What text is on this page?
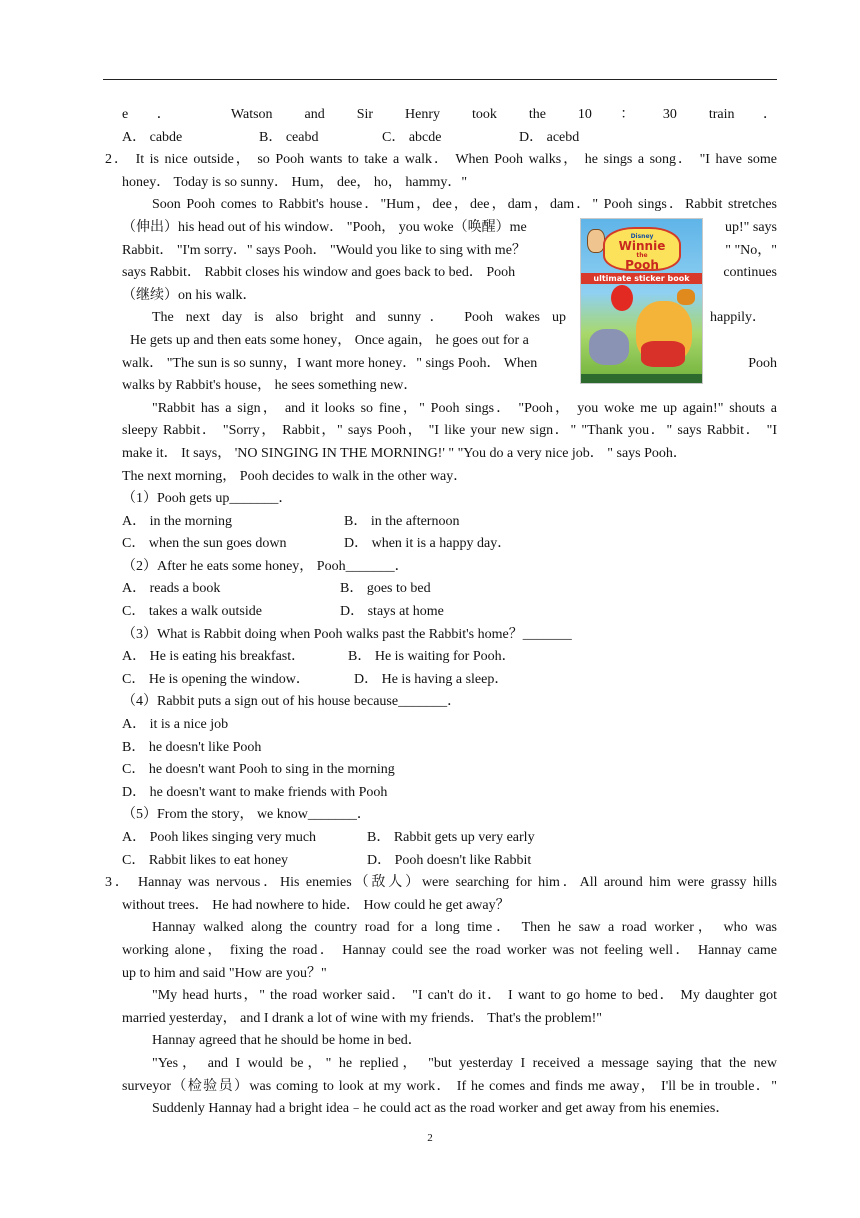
e． Watson and Sir Henry took the 10：30 train．
A． cabde	B． ceabd	C． abcde	D． acebd
2． It is nice outside， so Pooh wants to take a walk． When Pooh walks， he sings a song． "I have some
honey． Today is so sunny． Hum， dee， ho， hammy．"
Soon Pooh comes to Rabbit's house．"Hum，dee，dee，dam，dam．" Pooh sings．Rabbit stretches
（伸出）his head out of his window． "Pooh， you woke（唤醒）me	up!" says
Rabbit． "I'm sorry．" says Pooh． "Would you like to sing with me？	" "No，"
says Rabbit． Rabbit closes his window and goes back to bed． Pooh	continues
（继续）on his walk．
The next day is also bright and sunny． Pooh wakes up	happily．
He gets up and then eats some honey， Once again， he goes out for a
walk． "The sun is so sunny，I want more honey．" sings Pooh． When	Pooh
walks by Rabbit's house， he sees something new．
"Rabbit has a sign， and it looks so fine，" Pooh sings． "Pooh， you woke me up again!" shouts a
sleepy Rabbit． "Sorry， Rabbit，" says Pooh， "I like your new sign．" "Thank you．" says Rabbit． "I
make it． It says， 'NO SINGING IN THE MORNING!' " "You do a very nice job． " says Pooh．
The next morning， Pooh decides to walk in the other way．
（1）Pooh gets up_______．
A． in the morning	B． in the afternoon
C． when the sun goes down	D． when it is a happy day．
（2）After he eats some honey， Pooh_______．
A． reads a book	B． goes to bed
C． takes a walk outside	D． stays at home
（3）What is Rabbit doing when Pooh walks past the Rabbit's home？_______
A． He is eating his breakfast．	B． He is waiting for Pooh．
C． He is opening the window．	D． He is having a sleep．
（4）Rabbit puts a sign out of his house because_______．
A． it is a nice job
B． he doesn't like Pooh
C． he doesn't want Pooh to sing in the morning
D． he doesn't want to make friends with Pooh
（5）From the story， we know_______．
A． Pooh likes singing very much	B． Rabbit gets up very early
C． Rabbit likes to eat honey	D． Pooh doesn't like Rabbit
3． Hannay was nervous．His enemies（敌人）were searching for him．All around him were grassy hills
without trees． He had nowhere to hide． How could he get away？
Hannay walked along the country road for a long time． Then he saw a road worker， who was
working alone， fixing the road． Hannay could see the road worker was not feeling well． Hannay came
up to him and said "How are you？"
"My head hurts，" the road worker said． "I can't do it． I want to go home to bed． My daughter got
married yesterday， and I drank a lot of wine with my friends． That's the problem!"
Hannay agreed that he should be home in bed．
"Yes， and I would be，" he replied， "but yesterday I received a message saying that the new
surveyor（检验员）was coming to look at my work． If he comes and finds me away， I'll be in trouble．"
Suddenly Hannay had a bright idea﹣he could act as the road worker and get away from his enemies．
Disney
Winnie
the
Pooh
ultimate sticker book
2
